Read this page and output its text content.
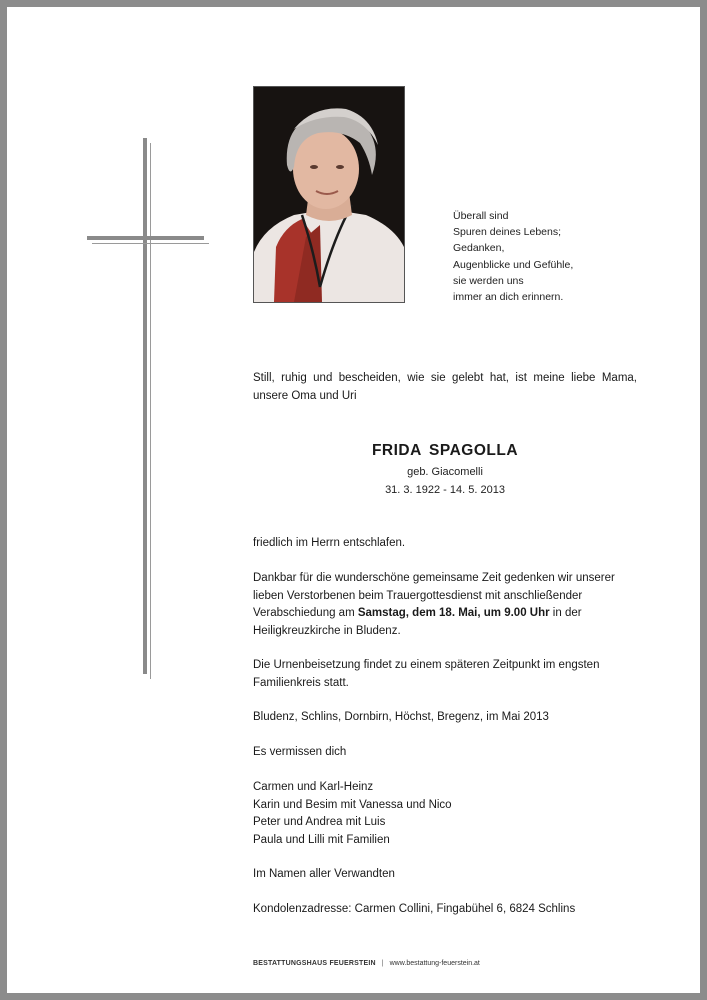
Überall sind
Spuren deines Lebens;
Gedanken,
Augenblicke und Gefühle,
sie werden uns
immer an dich erinnern.
Still, ruhig und bescheiden, wie sie gelebt hat, ist meine liebe Mama, unsere Oma und Uri
FRIDA SPAGOLLA
geb. Giacomelli
31. 3. 1922 - 14. 5. 2013
friedlich im Herrn entschlafen.
Dankbar für die wunderschöne gemeinsame Zeit gedenken wir unserer lieben Verstorbenen beim Trauergottesdienst mit anschließender Verabschiedung am Samstag, dem 18. Mai, um 9.00 Uhr in der Heiligkreuzkirche in Bludenz.
Die Urnenbeisetzung findet zu einem späteren Zeitpunkt im engsten Familienkreis statt.
Bludenz, Schlins, Dornbirn, Höchst, Bregenz, im Mai 2013
Es vermissen dich
Carmen und Karl-Heinz
Karin und Besim mit Vanessa und Nico
Peter und Andrea mit Luis
Paula und Lilli mit Familien
Im Namen aller Verwandten
Kondolenzadresse: Carmen Collini, Fingabühel 6, 6824 Schlins
BESTATTUNGSHAUS FEUERSTEIN | www.bestattung-feuerstein.at
